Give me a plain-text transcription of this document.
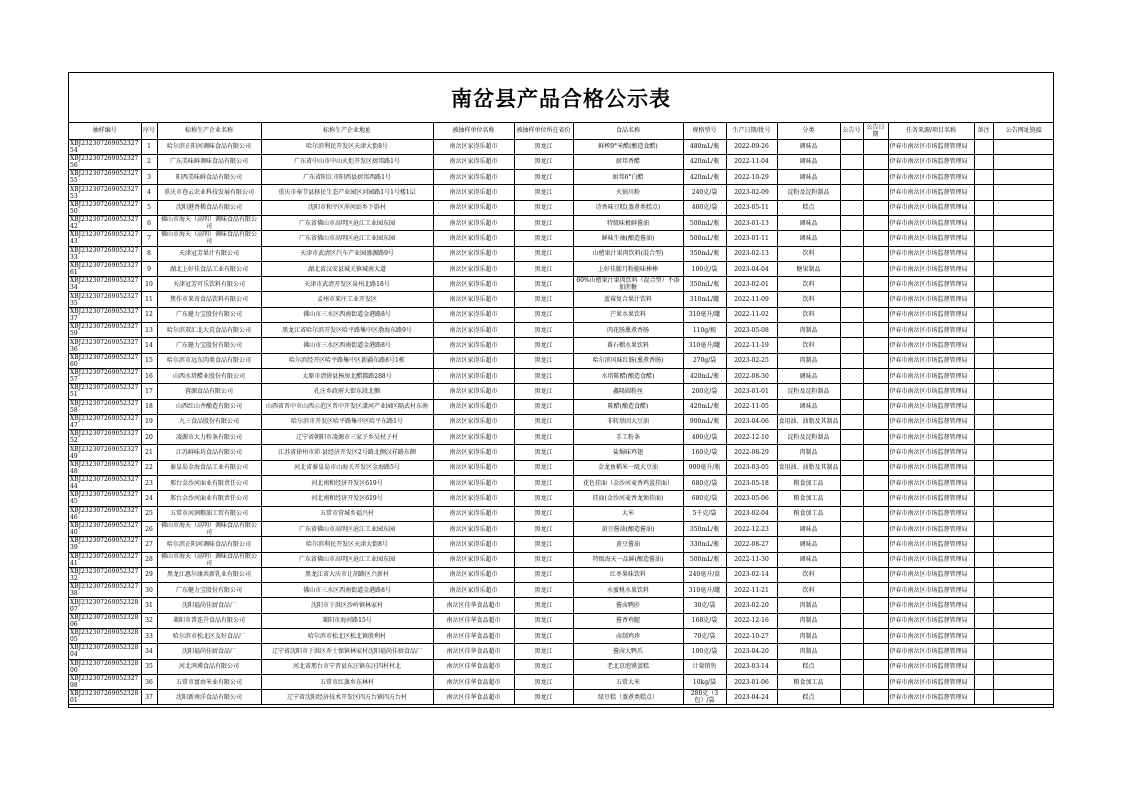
南岔县产品合格公示表
抽样编号	序号	标称生产企业名称	标称生产企业地址	被抽样单位名称	被抽样单位所在省份	食品名称	规格型号	生产日期/批号	分类	公告号	公告日期	任务来源/项目名称	备注	公告网址链接
XBJ23230726905232754	1	哈尔滨正阳河调味食品有限公司	哈尔滨利民开发区天津大街8号	南岔区家得乐超市	黑龙江	鲜榨9°米醋(酿造食醋)	480mL/瓶	2022-09-26	调味品			伊春市南岔区市场监督管理局		
XBJ23230726905232756	2	广东美味鲜调味食品有限公司	广东省中山市中山火炬开发区厨邦路1号	南岔区家得乐超市	黑龙江	厨邦香醋	420mL/瓶	2022-11-04	调味品			伊春市南岔区市场监督管理局		
XBJ23230726905232755	3	阳西美味鲜食品有限公司	广东省阳江市阳西县厨邦西路1号	南岔区家得乐超市	黑龙江	厨邦6°白醋	420mL/瓶	2022-10-29	调味品			伊春市南岔区市场监督管理局		
XBJ23230726905232753	4	重庆市巷云农业科技发展有限公司	重庆市奉节县移民生态产业园区河园路1号1号楼1层	南岔区家得乐超市	黑龙江	火锅川粉	240克/袋	2023-02-09	淀粉及淀粉制品			伊春市南岔区市场监督管理局		
XBJ23230726905232750	5	沈阳港香稀食品有限公司	沈阳市和平区浑河站乡下辟村	南岔区家得乐超市	黑龙江	诗香味豆糕(蒸煮类糕点)	400克/袋	2023-05-11	糕点			伊春市南岔区市场监督管理局		
XBJ23230726905232742	6	佛山市海天（高明）调味食品有限公司	广东省佛山市高明区沧江工业园东园	南岔区家得乐超市	黑龙江	特级味极鲜酱油	500mL/瓶	2023-01-13	调味品			伊春市南岔区市场监督管理局		
XBJ23230726905232743	7	佛山市海天（高明）调味食品有限公司	广东省佛山市高明区沧江工业园东园	南岔区家得乐超市	黑龙江	鲜味生抽(酿造酱油)	500mL/瓶	2023-01-11	调味品			伊春市南岔区市场监督管理局		
XBJ23230726905232733	8	天津冠芳果汁有限公司	天津市武清区汽车产业园盛源路9号	南岔区家得乐超市	黑龙江	山楂果汁果肉饮料(混合型)	350mL/瓶	2023-02-13	饮料			伊春市南岔区市场监督管理局		
XBJ23230726905232761	9	湖北上好佳食品工业有限公司	湖北省汉安县城关镇城南大道	南岔区家得乐超市	黑龙江	上好佳膨月粉脆味棒棒	100克/袋	2023-04-04	糖果制品			伊春市南岔区市场监督管理局		
XBJ23230726905232734	10	天津冠芳可乐饮料有限公司	天津市武清开发区泉州北路18号	南岔区家得乐超市	黑龙江	60%山楂果汁果肉饮料（混合型）不添加蔗糖	350mL/瓶	2023-02-01	饮料			伊春市南岔区市场监督管理局		
XBJ23230726905232735	11	焦作市来奇食品饮料有限公司	孟州市来庄工业开发区	南岔区家得乐超市	黑龙江	蓝莓复合果汁饮料	310mL/罐	2022-11-09	饮料			伊春市南岔区市场监督管理局		
XBJ23230726905232737	12	广东健力宝股份有限公司	佛山市三水区西南街道金港路8号	南岔区家得乐超市	黑龙江	芒果水果饮料	310毫升/罐	2022-11-02	饮料			伊春市南岔区市场监督管理局		
XBJ23230726905232759	13	哈尔滨双汇北大荒食品有限公司	黑龙江省哈尔滨开发区哈平路集中区渤海东路9号	南岔区家得乐超市	黑龙江	肉花肠熏煮香肠	110g/根	2023-05-08	肉制品			伊春市南岔区市场监督管理局		
XBJ23230726905232736	14	广东健力宝股份有限公司	佛山市三水区西南街道金港路8号	南岔区家得乐超市	黑龙江	番石榴水果饮料	310毫升/罐	2022-11-19	饮料			伊春市南岔区市场监督管理局		
XBJ23230726905232760	15	哈尔滨市远东肉类食品有限公司	哈尔滨经开区哈平路集中区新疆东路8号1栋	南岔区家得乐超市	黑龙江	哈尔滨风味红肠(熏煮香肠)	270g/袋	2023-02-25	肉制品			伊春市南岔区市场监督管理局		
XBJ23230726905232757	16	山西水塔醋业股份有限公司	太原市清徐县杨房北醋都路288号	南岔区家得乐超市	黑龙江	水塔陈醋(酿造食醋)	420mL/瓶	2022-08-30	调味品			伊春市南岔区市场监督管理局		
XBJ23230726905232751	17	蓉源食品有限公司	孔庄乡政府大街东段北侧	南岔区家得乐超市	黑龙江	鑫隆圆粉丝	200克/袋	2023-01-01	淀粉及淀粉制品			伊春市南岔区市场监督管理局		
XBJ23230726905232758	18	山西红山井酿造有限公司	山西省晋中市山西示范区晋中开发区潇河产业园区隔武村东南	南岔区家得乐超市	黑龙江	陈醋(酿造食醋)	420mL/瓶	2022-11-05	调味品			伊春市南岔区市场监督管理局		
XBJ23230726905232747	19	九三食品股份有限公司	哈尔滨市开发区哈平路集中区哈平东路1号	南岔区家得乐超市	黑龙江	非转基因大豆油	900mL/瓶	2023-04-06	食用油、油脂及其制品			伊春市南岔区市场监督管理局		
XBJ23230726905232752	20	凌源市大力粉条有限公司	辽宁省朝阳市凌源市三家子乡吴杖子村	南岔区家得乐超市	黑龙江	手工粉条	400克/袋	2022-12-10	淀粉及淀粉制品			伊春市南岔区市场监督管理局		
XBJ23230726905232749	21	江苏鲜味坊食品有限公司	江苏省徐州市沛 县经济开发区2号路北侧汉祥路东侧	南岔区家得乐超市	黑龙江	盐焗味鸡翅	160克/袋	2022-08-29	肉制品			伊春市南岔区市场监督管理局		
XBJ23230726905232748	22	秦皇岛金海食品工业有限公司	河北省秦皇岛市山海关开发区金海路5号	南岔区家得乐超市	黑龙江	金龙鱼稻米一级大豆油	900毫升/瓶	2023-03-05	食用油、油脂及其制品			伊春市南岔区市场监督管理局		
XBJ23230726905232744	23	邢台金沙河面业有限责任公司	河北南和经济开发区619号	南岔区家得乐超市	黑龙江	花色挂面（金沙河麦香鸡蛋挂面）	680克/袋	2023-05-18	粮食加工品			伊春市南岔区市场监督管理局		
XBJ23230726905232745	24	邢台金沙河面业有限责任公司	河北南和经济开发区619号	南岔区家得乐超市	黑龙江	挂面(金沙河麦香龙须挂面)	680克/袋	2023-05-06	粮食加工品			伊春市南岔区市场监督管理局		
XBJ23230726905232746	25	五常市河润粮油工贸有限公司	五常市营城乡福兴村	南岔区家得乐超市	黑龙江	大米	5千克/袋	2023-02-04	粮食加工品			伊春市南岔区市场监督管理局		
XBJ23230726905232740	26	佛山市海天（高明）调味食品有限公司	广东省佛山市高明区沧江工业园东园	南岔区家得乐超市	黑龙江	黄豆酱油(酿造酱油)	350mL/瓶	2022-12-23	调味品			伊春市南岔区市场监督管理局		
XBJ23230726905232739	27	哈尔滨正阳河调味食品有限公司	哈尔滨利民开发区天津大街8号	南岔区家得乐超市	黑龙江	黄豆酱油	330mL/瓶	2022-08-27	调味品			伊春市南岔区市场监督管理局		
XBJ23230726905232741	28	佛山市海天（高明）调味食品有限公司	广东省佛山市高明区沧江工业园东园	南岔区家得乐超市	黑龙江	特级海天一品鲜(酿造酱油)	500mL/瓶	2022-11-30	调味品			伊春市南岔区市场监督管理局		
XBJ23230726905232732	29	黑龙江惠尔康共新乳业有限公司	黑龙江省大庆市让胡路区兴新村	南岔区家得乐超市	黑龙江	红枣果味饮料	240毫升/盒	2023-02-14	饮料			伊春市南岔区市场监督管理局		
XBJ23230726905232738	30	广东健力宝股份有限公司	佛山市三水区西南街道金港路8号	南岔区家得乐超市	黑龙江	水蜜桃水果饮料	310毫升/罐	2022-11-21	饮料			伊春市南岔区市场监督管理局		
XBJ23230726905232807	31	沈阳福尚佳厨食品厂	沈阳市于洪区沙岭镇林家村	南岔区佳华食品超市	黑龙江	酱卤鸭肝	30克/袋	2023-02-20	肉制品			伊春市南岔区市场监督管理局		
XBJ23230726905232806	32	莱阳市普连升食品有限公司	莱阳市海河路15号	南岔区佳华食品超市	黑龙江	酱香鸡腿	168克/袋	2022-12-16	肉制品			伊春市南岔区市场监督管理局		
XBJ23230726905232805	33	哈尔滨市松北区友好食品厂	哈尔滨市松北区松北镇胜利村	南岔区佳华食品超市	黑龙江	卤制鸡珍	70克/袋	2022-10-27	肉制品			伊春市南岔区市场监督管理局		
XBJ23230726905232804	34	沈阳福尚佳厨食品厂	辽宁省沈阳市于洪区乔士保镇林家村沈阳福尚佳厨食品厂	南岔区佳华食品超市	黑龙江	酱卤大鸭爪	100克/袋	2023-04-20	肉制品			伊春市南岔区市场监督管理局		
XBJ23230726905232800	35	河北鸿博食品有限公司	河北省邢台市宁晋县东汪镇东汪四村村北	南岔区佳华食品超市	黑龙江	老北京泡馍蛋糕	计量销售	2023-03-14	糕点			伊春市南岔区市场监督管理局		
XBJ23230726905232798	36	五常市富由米业有限公司	五常市红旗乡东林村	南岔区佳华食品超市	黑龙江	五常大米	10kg/袋	2023-01-06	粮食加工品			伊春市南岔区市场监督管理局		
XBJ23230726905232801	37	沈阳新南洋食品有限公司	辽宁省沈阳经济技术开发区四方台镇四方台村	南岔区佳华食品超市	黑龙江	绿豆糕（蒸煮类糕点）	280克（3包）/袋	2023-04-24	糕点			伊春市南岔区市场监督管理局		
